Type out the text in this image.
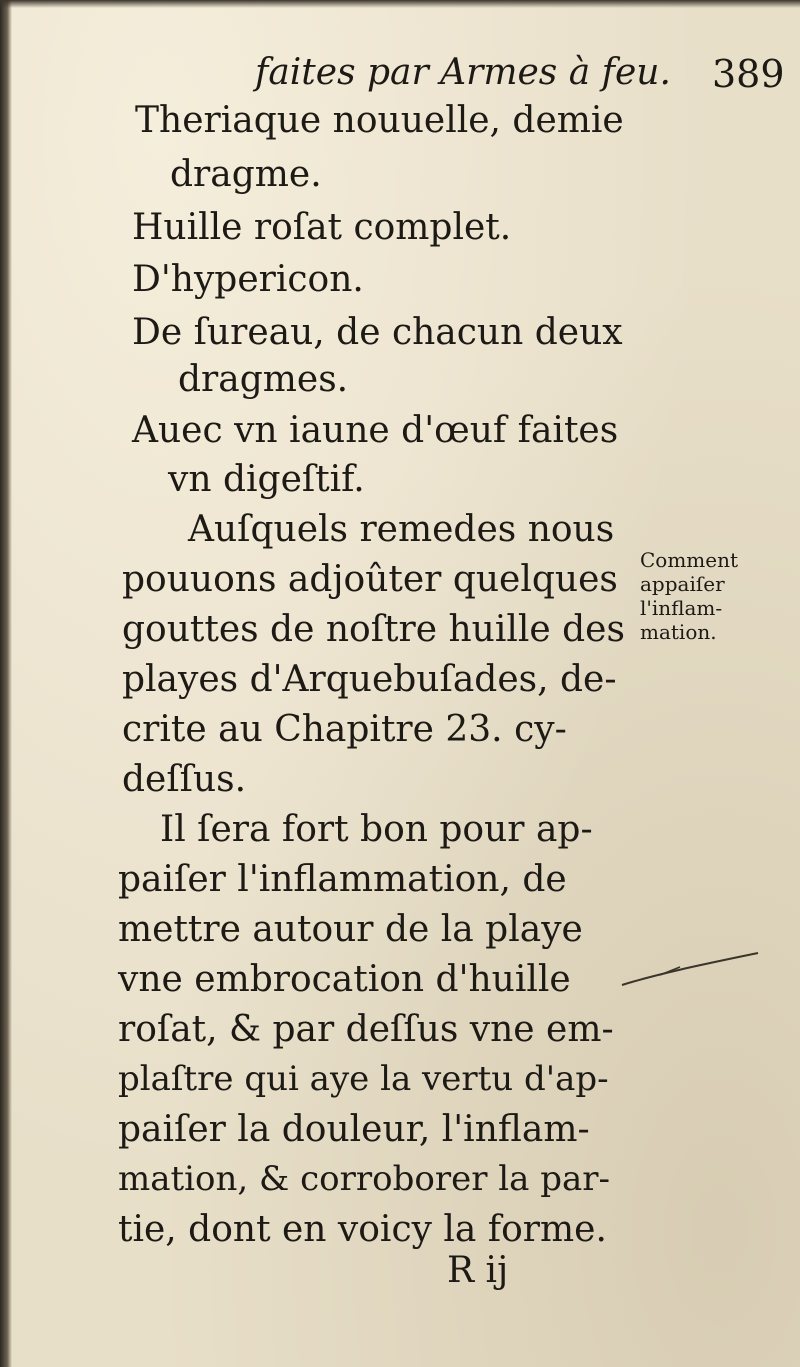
faites par Armes à feu. 389
Theriaque nouuelle, demie
dragme.
Huille roſat complet.
D'hypericon.
De ſureau, de chacun deux
dragmes.
Auec vn iaune d'œuf faites
vn digeſtif.
Auſquels remedes nous
pouuons adjoûter quelques
gouttes de noſtre huille des
playes d'Arquebuſades, de-
crite au Chapitre 23. cy-
deſſus.
Il ſera fort bon pour ap-
paiſer l'inflammation, de
mettre autour de la playe
vne embrocation d'huille
roſat, & par deſſus vne em-
plaſtre qui aye la vertu d'ap-
paiſer la douleur, l'inflam-
mation, & corroborer la par-
tie, dont en voicy la forme.
Comment
appaiſer
l'inflam-
mation.
R ij
